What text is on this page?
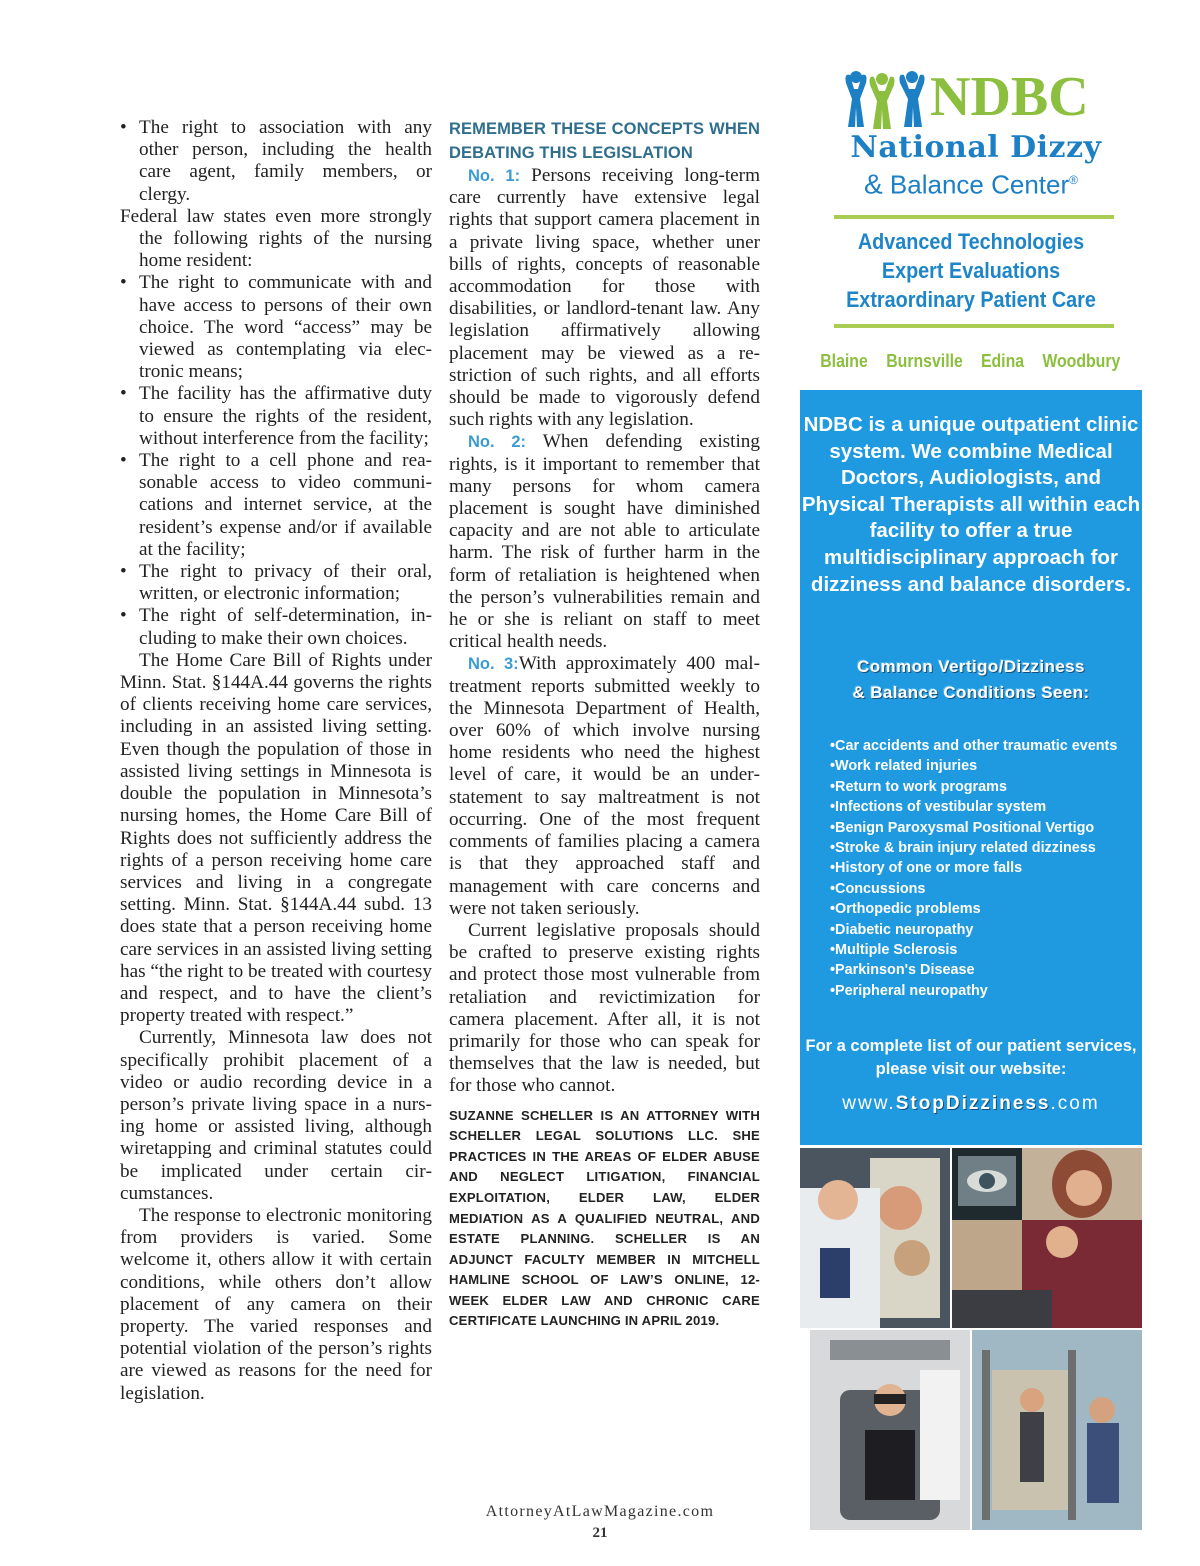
• The right to association with any other person, including the health care agent, family members, or clergy.

Federal law states even more strongly the following rights of the nursing home resident:

• The right to communicate with and have access to persons of their own choice. The word “access” may be viewed as contemplating via electronic means;
• The facility has the affirmative duty to ensure the rights of the resident, without interference from the facility;
• The right to a cell phone and reasonable access to video communications and internet service, at the resident’s expense and/or if available at the facility;
• The right to privacy of their oral, written, or electronic information;
• The right of self-determination, including to make their own choices.

The Home Care Bill of Rights under Minn. Stat. §144A.44 governs the rights of clients receiving home care services, including in an assisted living setting. Even though the population of those in assisted living settings in Minnesota is double the population in Minnesota’s nursing homes, the Home Care Bill of Rights does not sufficiently address the rights of a person receiving home care services and living in a congregate setting. Minn. Stat. §144A.44 subd. 13 does state that a person receiving home care services in an assisted living setting has “the right to be treated with courtesy and respect, and to have the client’s property treated with respect.”

Currently, Minnesota law does not specifically prohibit placement of a video or audio recording device in a person’s private living space in a nursing home or assisted living, although wiretapping and criminal statutes could be implicated under certain circumstances.

The response to electronic monitoring from providers is varied. Some welcome it, others allow it with certain conditions, while others don’t allow placement of any camera on their property. The varied responses and potential violation of the person’s rights are viewed as reasons for the need for legislation.

REMEMBER THESE CONCEPTS WHEN DEBATING THIS LEGISLATION

No. 1: Persons receiving long-term care currently have extensive legal rights that support camera placement in a private living space, whether uner bills of rights, concepts of reasonable accommodation for those with disabilities, or landlord-tenant law. Any legislation affirmatively allowing placement may be viewed as a restriction of such rights, and all efforts should be made to vigorously defend such rights with any legislation.

No. 2: When defending existing rights, is it important to remember that many persons for whom camera placement is sought have diminished capacity and are not able to articulate harm. The risk of further harm in the form of retaliation is heightened when the person’s vulnerabilities remain and he or she is reliant on staff to meet critical health needs.

No. 3:With approximately 400 maltreatment reports submitted weekly to the Minnesota Department of Health, over 60% of which involve nursing home residents who need the highest level of care, it would be an understatement to say maltreatment is not occurring. One of the most frequent comments of families placing a camera is that they approached staff and management with care concerns and were not taken seriously.

Current legislative proposals should be crafted to preserve existing rights and protect those most vulnerable from retaliation and revictimization for camera placement. After all, it is not primarily for those who can speak for themselves that the law is needed, but for those who cannot.

SUZANNE SCHELLER IS AN ATTORNEY WITH SCHELLER LEGAL SOLUTIONS LLC. SHE PRACTICES IN THE AREAS OF ELDER ABUSE AND NEGLECT LITIGATION, FINANCIAL EXPLOITATION, ELDER LAW, ELDER MEDIATION AS A QUALIFIED NEUTRAL, AND ESTATE PLANNING. SCHELLER IS AN ADJUNCT FACULTY MEMBER IN MITCHELL HAMLINE SCHOOL OF LAW’S ONLINE, 12-WEEK ELDER LAW AND CHRONIC CARE CERTIFICATE LAUNCHING IN APRIL 2019.
NDBC
National Dizzy
& Balance Center®
Advanced Technologies
Expert Evaluations
Extraordinary Patient Care
Blaine Burnsville Edina Woodbury
NDBC is a unique outpatient clinic system. We combine Medical Doctors, Audiologists, and Physical Therapists all within each facility to offer a true multidisciplinary approach for dizziness and balance disorders.
Common Vertigo/Dizziness
& Balance Conditions Seen:
• Car accidents and other traumatic events
• Work related injuries
• Return to work programs
• Infections of vestibular system
• Benign Paroxysmal Positional Vertigo
• Stroke & brain injury related dizziness
• History of one or more falls
• Concussions
• Orthopedic problems
• Diabetic neuropathy
• Multiple Sclerosis
• Parkinson's Disease
• Peripheral neuropathy
For a complete list of our patient services, please visit our website:
www.StopDizziness.com
AttorneyAtLawMagazine.com
21
